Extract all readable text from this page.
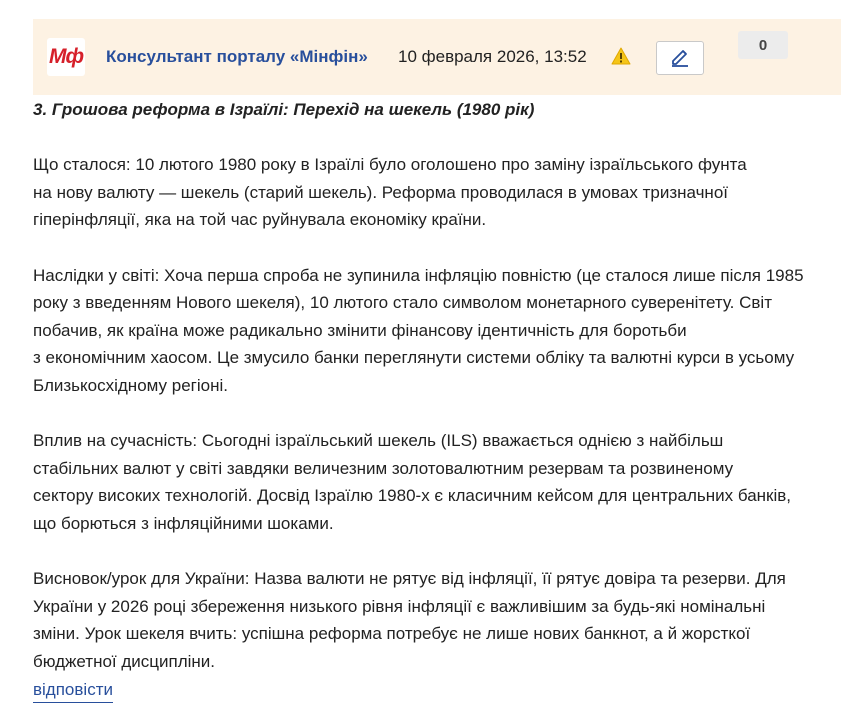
Мф Консультант порталу «Мінфін» 10 февраля 2026, 13:52
0

3. Грошова реформа в Ізраїлі: Перехід на шекель (1980 рік)

Що сталося: 10 лютого 1980 року в Ізраїлі було оголошено про заміну ізраїльського фунта

на нову валюту — шекель (старий шекель). Реформа проводилася в умовах тризначної

гіперінфляції, яка на той час руйнувала економіку країни.

Наслідки у світі: Хоча перша спроба не зупинила інфляцію повністю (це сталося лише після 1985

року з введенням Нового шекеля), 10 лютого стало символом монетарного суверенітету. Світ

побачив, як країна може радикально змінити фінансову ідентичність для боротьби

з економічним хаосом. Це змусило банки переглянути системи обліку та валютні курси в усьому

Близькосхідному регіоні.

Вплив на сучасність: Сьогодні ізраїльський шекель (ILS) вважається однією з найбільш

стабільних валют у світі завдяки величезним золотовалютним резервам та розвиненому

сектору високих технологій. Досвід Ізраїлю 1980-х є класичним кейсом для центральних банків,

що борються з інфляційними шоками.

Висновок/урок для України: Назва валюти не рятує від інфляції, її рятує довіра та резерви. Для

України у 2026 році збереження низького рівня інфляції є важливішим за будь-які номінальні

зміни. Урок шекеля вчить: успішна реформа потребує не лише нових банкнот, а й жорсткої

бюджетної дисципліни.

відповісти
